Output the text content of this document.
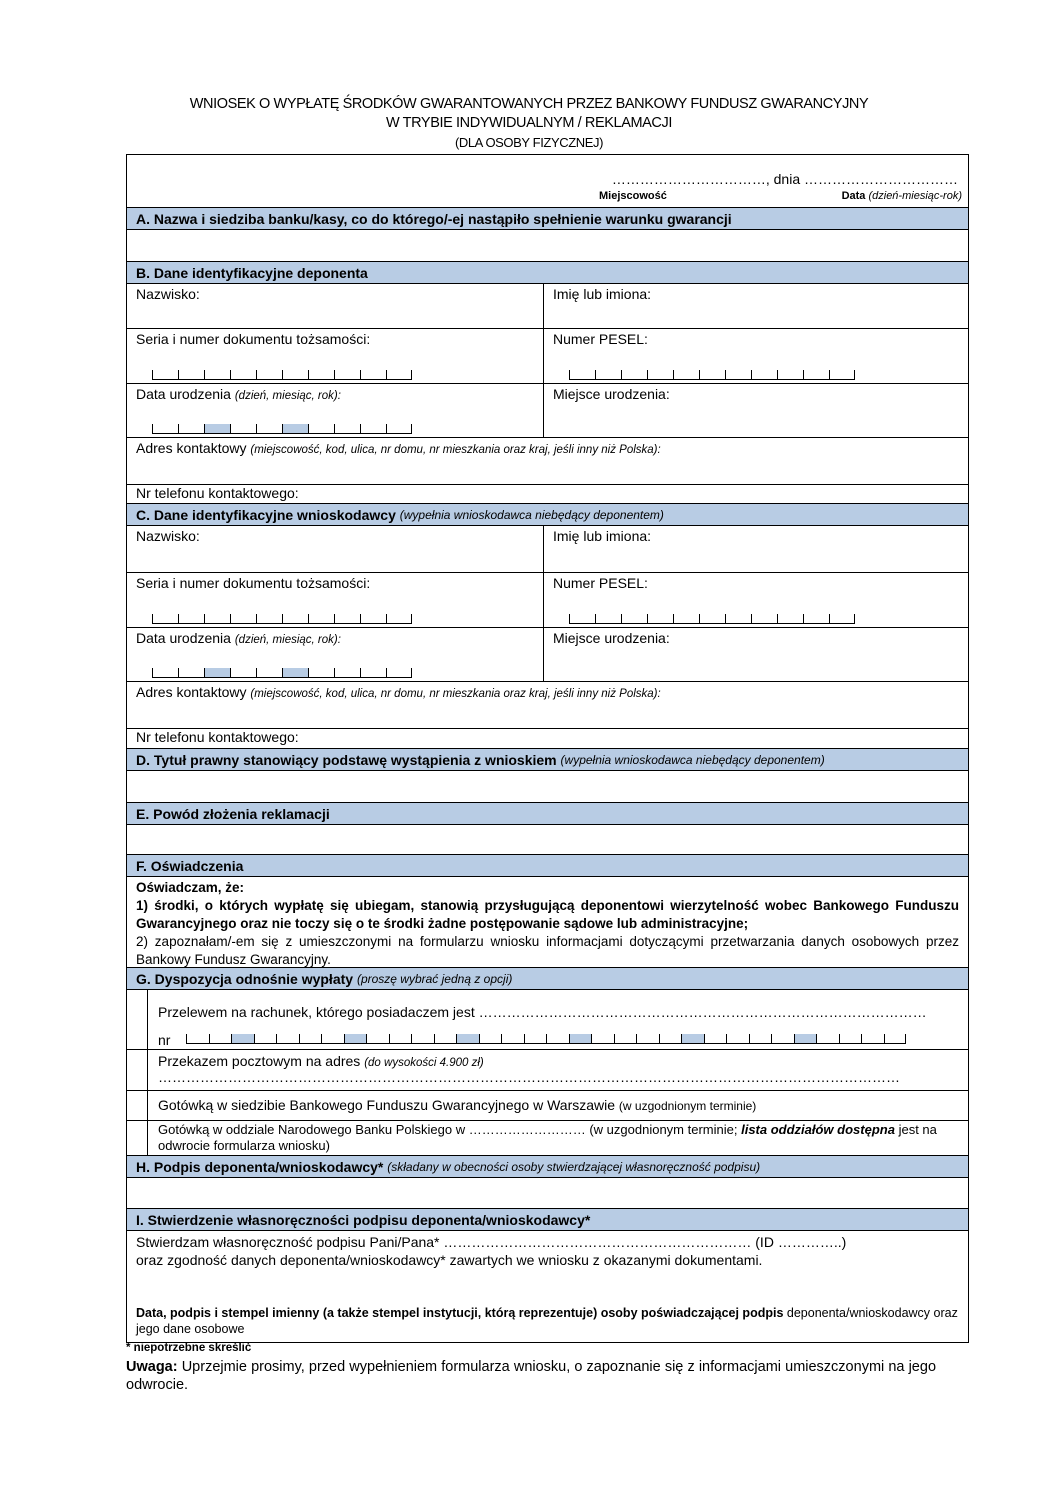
WNIOSEK O WYPŁATĘ ŚRODKÓW GWARANTOWANYCH PRZEZ BANKOWY FUNDUSZ GWARANCYJNY
W TRYBIE INDYWIDUALNYM / REKLAMACJI
(DLA OSOBY FIZYCZNEJ)
……………………………, dnia ……………………………
Miejscowość	Data (dzień-miesiąc-rok)
A. Nazwa i siedziba banku/kasy, co do którego/-ej nastąpiło spełnienie warunku gwarancji
B. Dane identyfikacyjne deponenta
Nazwisko:	Imię lub imiona:
Seria i numer dokumentu tożsamości:	Numer PESEL:
Data urodzenia (dzień, miesiąc, rok):	Miejsce urodzenia:
Adres kontaktowy (miejscowość, kod, ulica, nr domu, nr mieszkania oraz kraj, jeśli inny niż Polska):
Nr telefonu kontaktowego:
C. Dane identyfikacyjne wnioskodawcy
(wypełnia wnioskodawca niebędący deponentem)
Nazwisko:	Imię lub imiona:
Seria i numer dokumentu tożsamości:	Numer PESEL:
Data urodzenia (dzień, miesiąc, rok):	Miejsce urodzenia:
Adres kontaktowy (miejscowość, kod, ulica, nr domu, nr mieszkania oraz kraj, jeśli inny niż Polska):
Nr telefonu kontaktowego:
D. Tytuł prawny stanowiący podstawę wystąpienia z wnioskiem
(wypełnia wnioskodawca niebędący deponentem)
E. Powód złożenia reklamacji
F. Oświadczenia
Oświadczam, że:
1) środki, o których wypłatę się ubiegam, stanowią przysługującą deponentowi wierzytelność wobec Bankowego Funduszu Gwarancyjnego oraz nie toczy się o te środki żadne postępowanie sądowe lub administracyjne;
2) zapoznałam/-em się z umieszczonymi na formularzu wniosku informacjami dotyczącymi przetwarzania danych osobowych przez Bankowy Fundusz Gwarancyjny.
G. Dyspozycja odnośnie wypłaty
(proszę wybrać jedną z opcji)
Przelewem na rachunek, którego posiadaczem jest ……………………………………………………………………………………
nr
Przekazem pocztowym na adres (do wysokości 4.900 zł)
……………………………………………………………………………………………………………………………………………
Gotówką w siedzibie Bankowego Funduszu Gwarancyjnego w Warszawie (w uzgodnionym terminie)
Gotówką w oddziale Narodowego Banku Polskiego w ……………………… (w uzgodnionym terminie; lista oddziałów dostępna jest na odwrocie formularza wniosku)
H. Podpis deponenta/wnioskodawcy*
(składany w obecności osoby stwierdzającej własnoręczność podpisu)
I. Stwierdzenie własnoręczności podpisu deponenta/wnioskodawcy*
Stwierdzam własnoręczność podpisu Pani/Pana* ………………………………………………………… (ID …………..)
oraz zgodność danych deponenta/wnioskodawcy* zawartych we wniosku z okazanymi dokumentami.
Data, podpis i stempel imienny (a także stempel instytucji, którą reprezentuje) osoby poświadczającej podpis deponenta/wnioskodawcy oraz jego dane osobowe
* niepotrzebne skreślić
Uwaga: Uprzejmie prosimy, przed wypełnieniem formularza wniosku, o zapoznanie się z informacjami umieszczonymi na jego odwrocie.
